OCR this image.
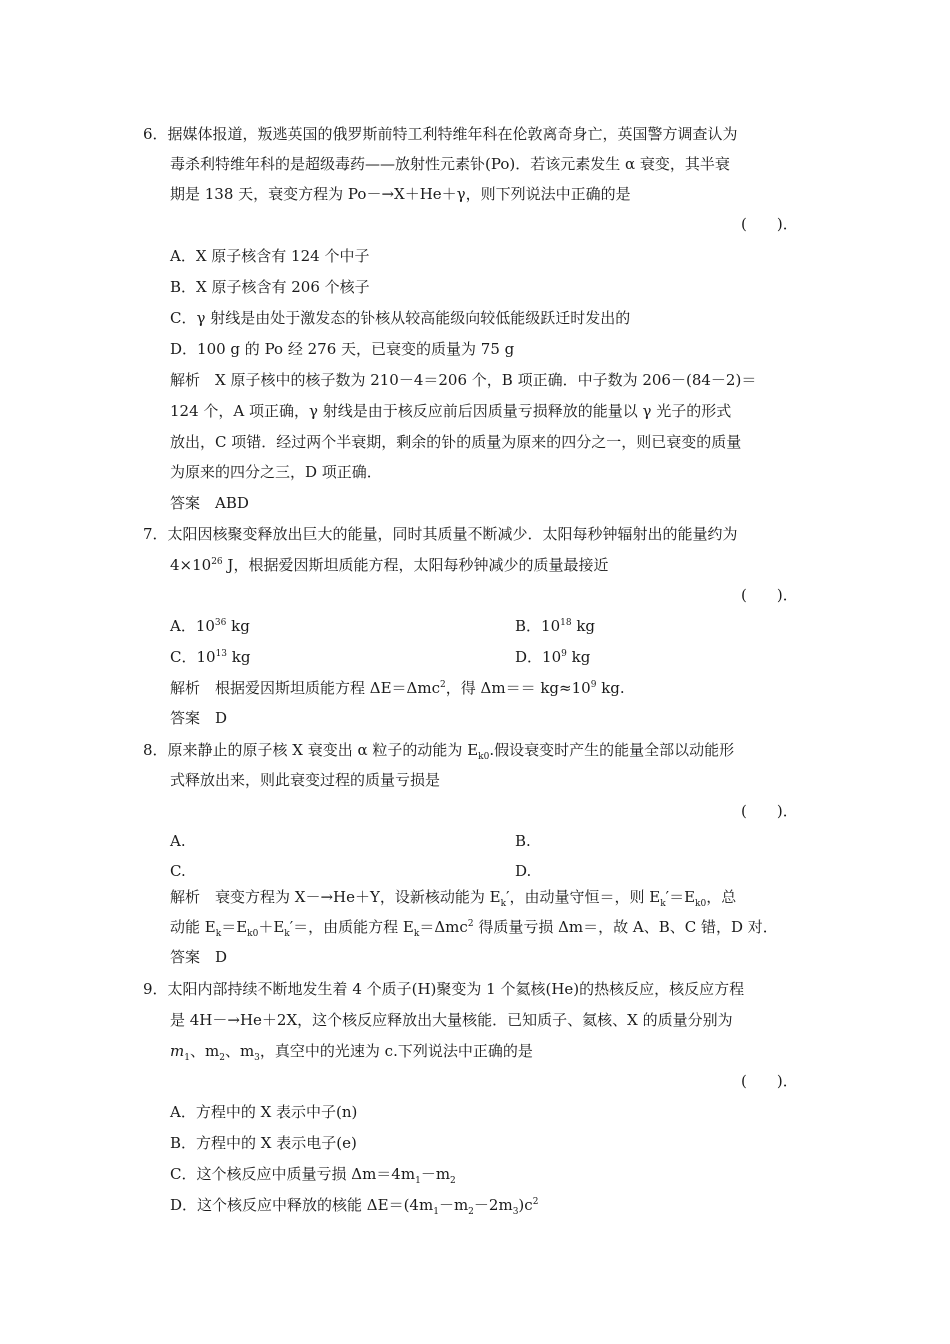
6．据媒体报道，叛逃英国的俄罗斯前特工利特维年科在伦敦离奇身亡，英国警方调查认为
毒杀利特维年科的是超级毒药——放射性元素钋(Po)．若该元素发生 α 衰变，其半衰
期是 138 天，衰变方程为 Po－→X＋He＋γ，则下列说法中正确的是
(　　)．
A．X 原子核含有 124 个中子
B．X 原子核含有 206 个核子
C．γ 射线是由处于激发态的钋核从较高能级向较低能级跃迁时发出的
D．100 g 的 Po 经 276 天，已衰变的质量为 75 g
解析　X 原子核中的核子数为 210－4＝206 个，B 项正确．中子数为 206－(84－2)＝
124 个，A 项正确，γ 射线是由于核反应前后因质量亏损释放的能量以 γ 光子的形式
放出，C 项错．经过两个半衰期，剩余的钋的质量为原来的四分之一，则已衰变的质量
为原来的四分之三，D 项正确．
答案　ABD
7．太阳因核聚变释放出巨大的能量，同时其质量不断减少．太阳每秒钟辐射出的能量约为
$4\times 10^{26}$ J，根据爱因斯坦质能方程，太阳每秒钟减少的质量最接近
(　　)．
A．$10^{36}$ kg	B．$10^{18}$ kg
C．$10^{13}$ kg	D．$10^9$ kg
解析　根据爱因斯坦质能方程 ΔE＝Δmc$^2$，得 $\Delta m== kg\approx 10^9$ kg.
答案　D
8．原来静止的原子核 X 衰变出 α 粒子的动能为 $E_{k0}$.假设衰变时产生的能量全部以动能形
式释放出来，则此衰变过程的质量亏损是
(　　)．
A.	B.
C.	D.
解析　衰变方程为 X－→He＋Y，设新核动能为 $E_k'$，由动量守恒＝，则 $E_k'=E_{k0}$，总
动能 $E_k=E_{k0}+E_k'=$，由质能方程 $E_k=\Delta mc^2$ 得质量亏损 Δm＝，故 A、B、C 错，D 对．
答案　D
9．太阳内部持续不断地发生着 4 个质子(H)聚变为 1 个氦核(He)的热核反应，核反应方程
是 4H－→He＋2X，这个核反应释放出大量核能．已知质子、氦核、X 的质量分别为
$m_1$、$m_2$、$m_3$，真空中的光速为 c.下列说法中正确的是
(　　)．
A．方程中的 X 表示中子(n)
B．方程中的 X 表示电子(e)
C．这个核反应中质量亏损 $\Delta m=4m_1-m_2$
D．这个核反应中释放的核能 $\Delta E=(4m_1-m_2-2m_3)c^2$
